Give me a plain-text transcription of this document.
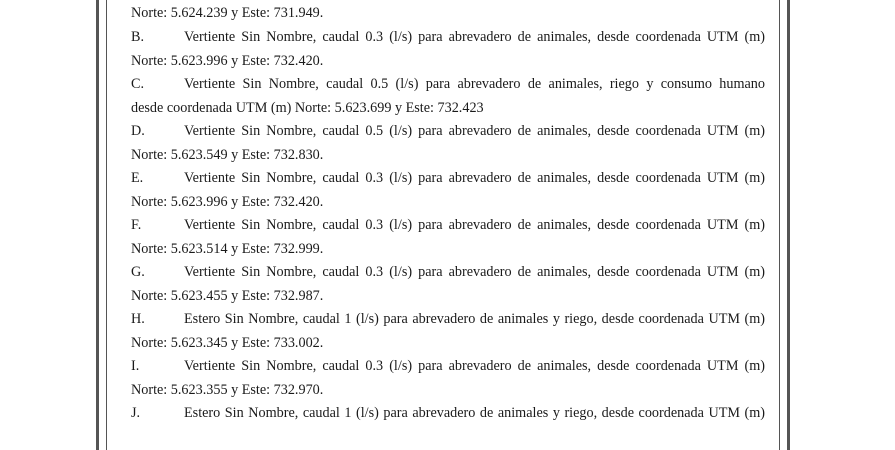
Norte: 5.624.239 y Este: 731.949.
B.	Vertiente Sin Nombre, caudal 0.3 (l/s) para abrevadero de animales, desde coordenada UTM (m)
Norte: 5.623.996 y Este: 732.420.
C.	Vertiente Sin Nombre, caudal 0.5 (l/s) para abrevadero de animales, riego y consumo humano
desde coordenada UTM (m) Norte: 5.623.699 y Este: 732.423
D.	Vertiente Sin Nombre, caudal 0.5 (l/s) para abrevadero de animales, desde coordenada UTM (m)
Norte: 5.623.549 y Este: 732.830.
E.	Vertiente Sin Nombre, caudal 0.3 (l/s) para abrevadero de animales, desde coordenada UTM (m)
Norte: 5.623.996 y Este: 732.420.
F.	Vertiente Sin Nombre, caudal 0.3 (l/s) para abrevadero de animales, desde coordenada UTM (m)
Norte: 5.623.514 y Este: 732.999.
G.	Vertiente Sin Nombre, caudal 0.3 (l/s) para abrevadero de animales, desde coordenada UTM (m)
Norte: 5.623.455 y Este: 732.987.
H.	Estero Sin Nombre, caudal 1 (l/s) para abrevadero de animales y riego, desde coordenada UTM (m)
Norte: 5.623.345 y Este: 733.002.
I.	Vertiente Sin Nombre, caudal 0.3 (l/s) para abrevadero de animales, desde coordenada UTM (m)
Norte: 5.623.355 y Este: 732.970.
J.	Estero Sin Nombre, caudal 1 (l/s) para abrevadero de animales y riego, desde coordenada UTM (m)
